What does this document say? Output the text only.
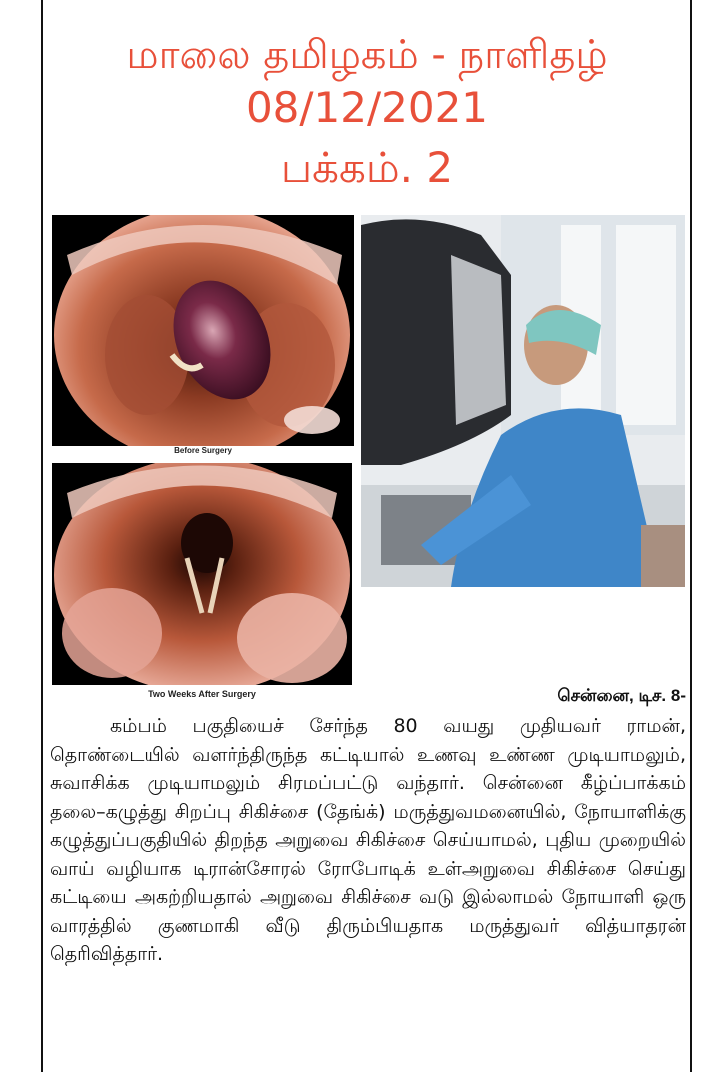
மாலை தமிழகம் - நாளிதழ்
08/12/2021
பக்கம். 2
Before Surgery
Two Weeks After Surgery	சென்னை, டிச. 8-
கம்பம் பகுதியைச் சேர்ந்த 80 வயது முதியவர் ராமன், தொண்டையில் வளர்ந்திருந்த கட்டியால் உணவு உண்ண முடியாமலும், சுவாசிக்க முடியாமலும் சிரமப்பட்டு வந்தார். சென்னை கீழ்ப்பாக்கம் தலை–கழுத்து சிறப்பு சிகிச்சை (தேங்க்) மருத்துவமனையில், நோயாளிக்கு கழுத்துப்பகுதியில் திறந்த அறுவை சிகிச்சை செய்யாமல், புதிய முறையில் வாய் வழியாக டிரான்சோரல் ரோபோடிக் உள்அறுவை சிகிச்சை செய்து கட்டியை அகற்றியதால் அறுவை சிகிச்சை வடு இல்லாமல் நோயாளி ஒரு வாரத்தில் குணமாகி வீடு திரும்பியதாக மருத்துவர் வித்யாதரன் தெரிவித்தார்.
